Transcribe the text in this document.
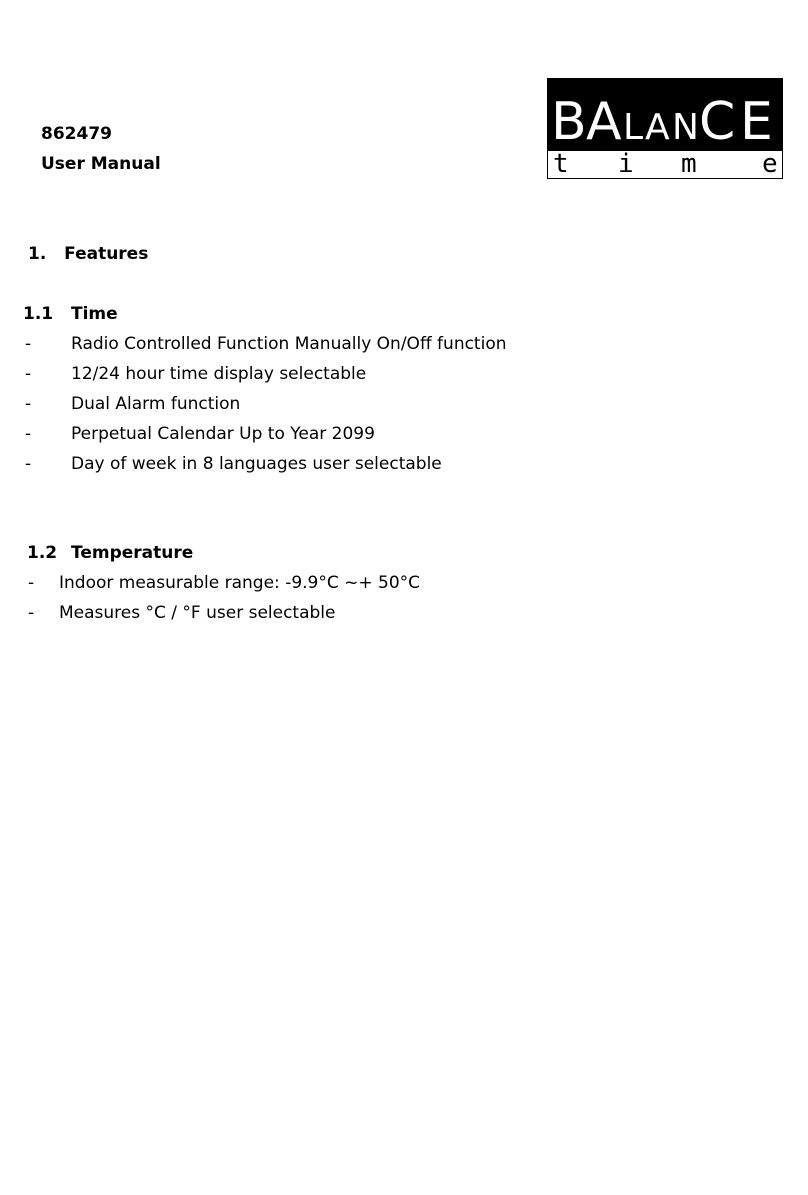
862479
User Manual
B A L A N C E
t i m	e
1. Features
1.1 Time
- Radio Controlled Function Manually On/Off function
- 12/24 hour time display selectable
- Dual Alarm function
- Perpetual Calendar Up to Year 2099
- Day of week in 8 languages user selectable
1.2 Temperature
- Indoor measurable range: -9.9°C ~+ 50°C
- Measures °C / °F user selectable
